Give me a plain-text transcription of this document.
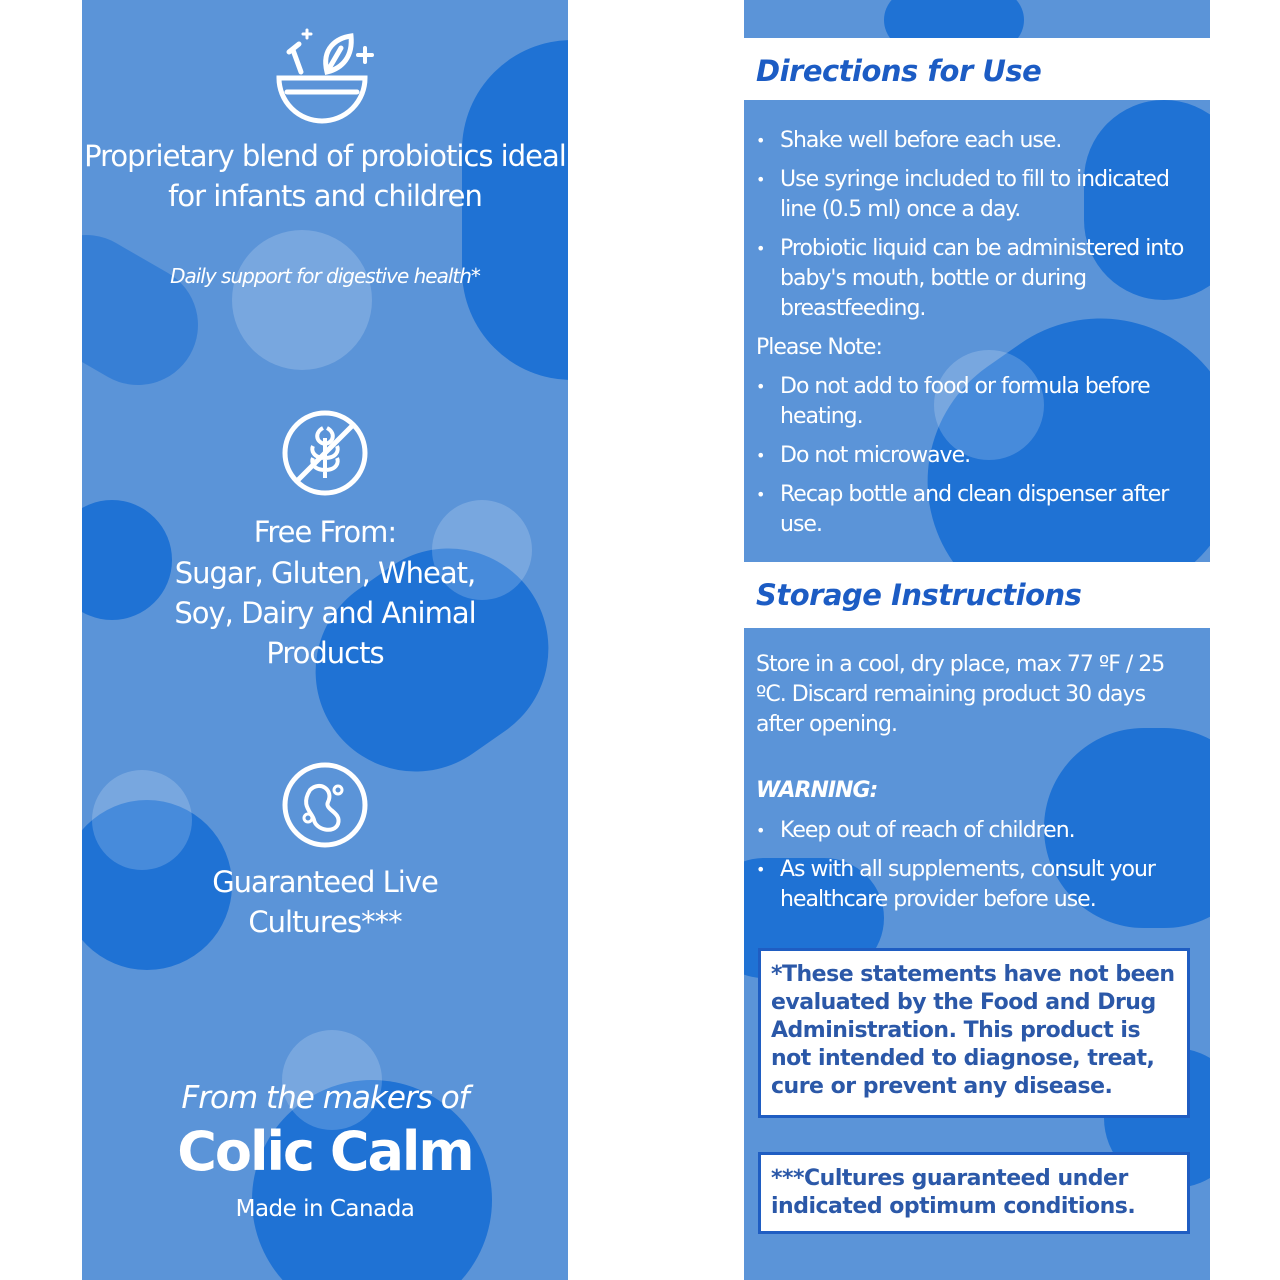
Proprietary blend of probiotics ideal for infants and children
Daily support for digestive health*
Free From:
Sugar, Gluten, Wheat, Soy, Dairy and Animal Products
Guaranteed Live Cultures***
From the makers of
Colic Calm
Made in Canada
Directions for Use
• Shake well before each use.
• Use syringe included to fill to indicated line (0.5 ml) once a day.
• Probiotic liquid can be administered into baby's mouth, bottle or during breastfeeding.
Please Note:
• Do not add to food or formula before heating.
• Do not microwave.
• Recap bottle and clean dispenser after use.
Storage Instructions
Store in a cool, dry place, max 77 ºF / 25 ºC. Discard remaining product 30 days after opening.
WARNING:
• Keep out of reach of children.
• As with all supplements, consult your healthcare provider before use.
*These statements have not been evaluated by the Food and Drug Administration. This product is not intended to diagnose, treat, cure or prevent any disease.
***Cultures guaranteed under indicated optimum conditions.
